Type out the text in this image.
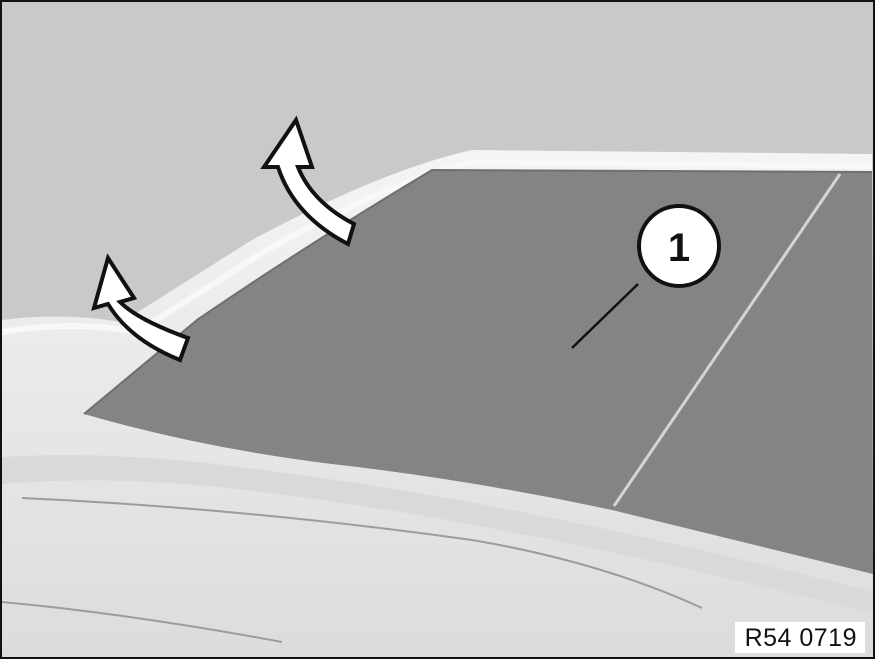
1
R54 0719
